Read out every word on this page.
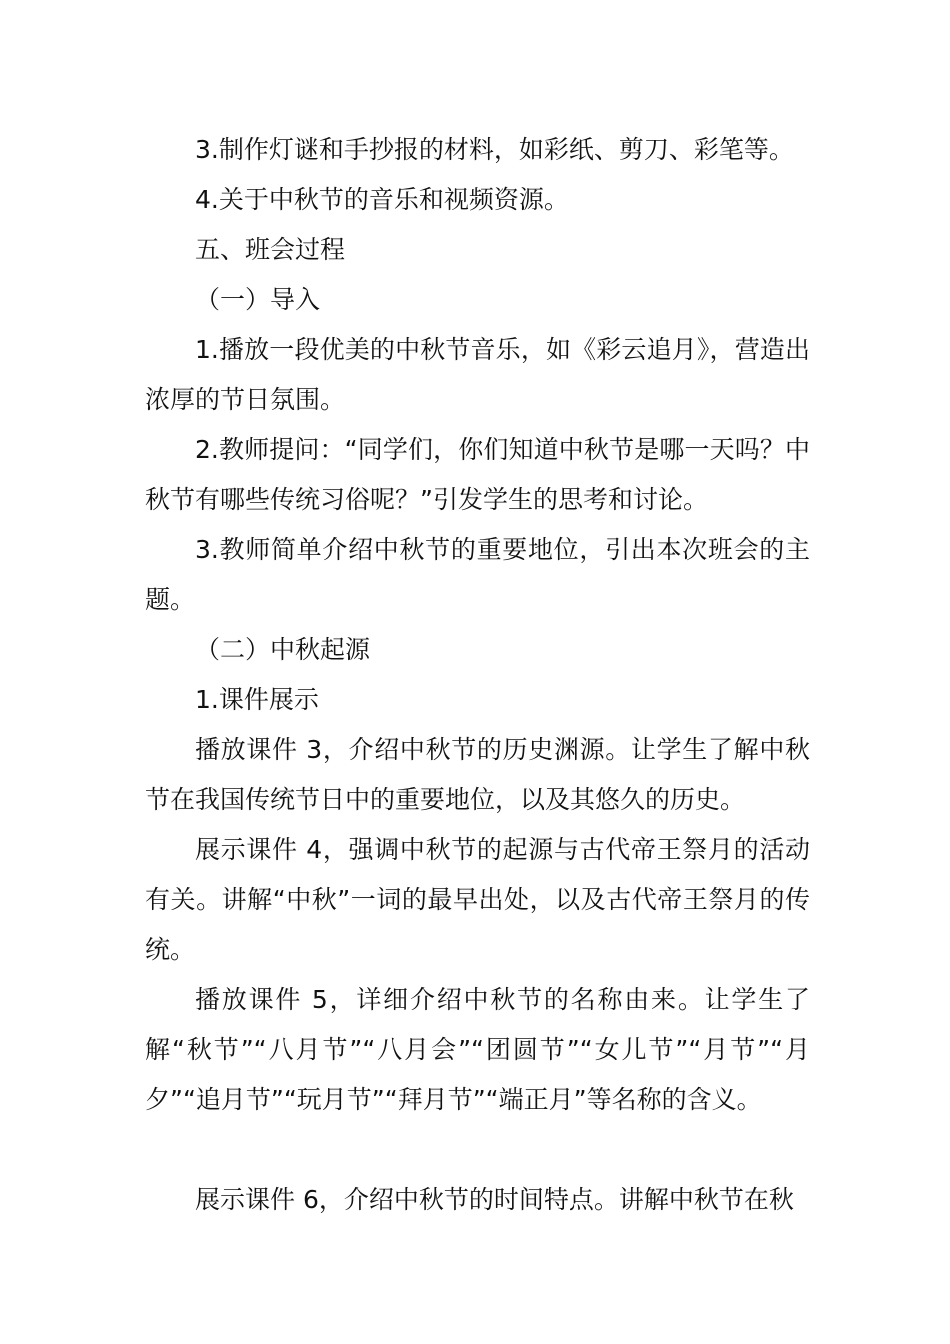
3.制作灯谜和手抄报的材料，如彩纸、剪刀、彩笔等。

4.关于中秋节的音乐和视频资源。

五、班会过程

（一）导入

1.播放一段优美的中秋节音乐，如《彩云追月》，营造出浓厚的节日氛围。

2.教师提问：“同学们，你们知道中秋节是哪一天吗？中秋节有哪些传统习俗呢？”引发学生的思考和讨论。

3.教师简单介绍中秋节的重要地位，引出本次班会的主题。

（二）中秋起源

1.课件展示

播放课件 3，介绍中秋节的历史渊源。让学生了解中秋节在我国传统节日中的重要地位，以及其悠久的历史。

展示课件 4，强调中秋节的起源与古代帝王祭月的活动有关。讲解“中秋”一词的最早出处，以及古代帝王祭月的传统。

播放课件 5，详细介绍中秋节的名称由来。让学生了解“秋节”“八月节”“八月会”“团圆节”“女儿节”“月节”“月夕”“追月节”“玩月节”“拜月节”“端正月”等名称的含义。

展示课件 6，介绍中秋节的时间特点。讲解中秋节在秋
